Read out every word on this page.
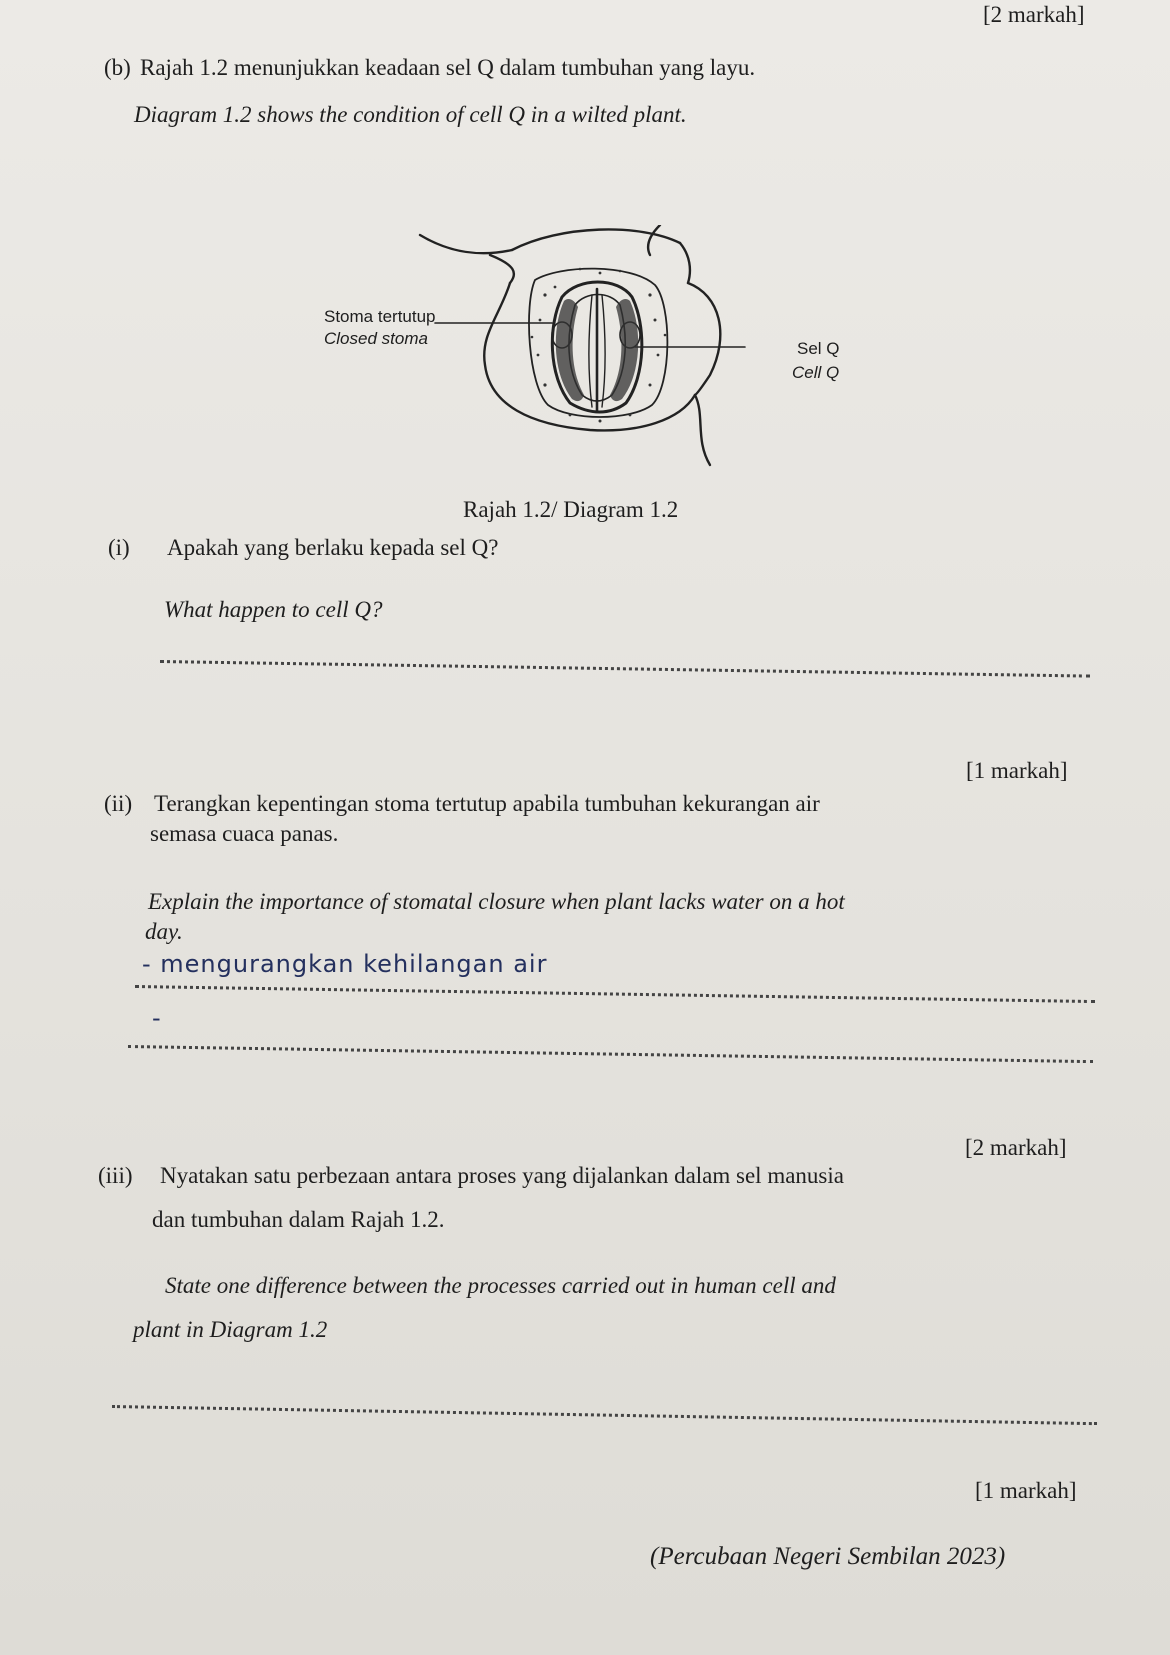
[2 markah]
(b) Rajah 1.2 menunjukkan keadaan sel Q dalam tumbuhan yang layu.
Diagram 1.2 shows the condition of cell Q in a wilted plant.
Stoma tertutup
Closed stoma
Sel Q
Cell Q
Rajah 1.2/ Diagram 1.2
(i) Apakah yang berlaku kepada sel Q?
What happen to cell Q?
[1 markah]
(ii) Terangkan kepentingan stoma tertutup apabila tumbuhan kekurangan air
semasa cuaca panas.
Explain the importance of stomatal closure when plant lacks water on a hot
day.
- mengurangkan kehilangan air
-
[2 markah]
(iii) Nyatakan satu perbezaan antara proses yang dijalankan dalam sel manusia
dan tumbuhan dalam Rajah 1.2.
State one difference between the processes carried out in human cell and
plant in Diagram 1.2
[1 markah]
(Percubaan Negeri Sembilan 2023)
